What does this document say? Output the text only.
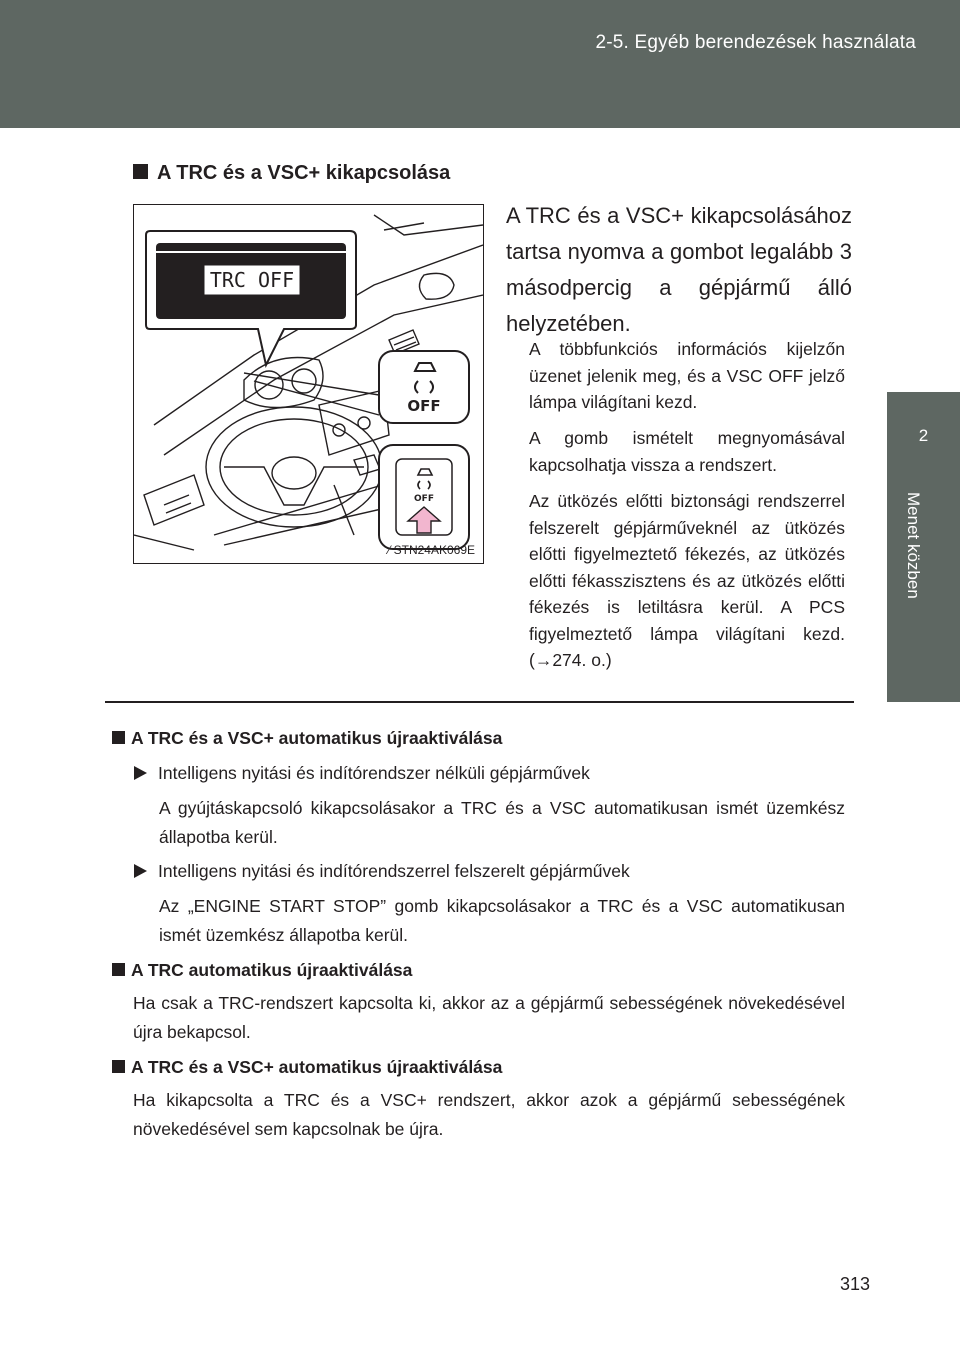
2-5. Egyéb berendezések használata
2
Menet közben
A TRC és a VSC+ kikapcsolása
TRC OFF
OFF
OFF
⁄ STN24AK069E
A TRC és a VSC+ kikapcsolásához tartsa nyomva a gombot legalább 3 másodpercig a gépjármű álló helyzetében.
A többfunkciós információs kijelzőn üzenet jelenik meg, és a VSC OFF jelző lámpa világítani kezd.
A gomb ismételt megnyomásával kapcsolhatja vissza a rendszert.
Az ütközés előtti biztonsági rendszerrel felszerelt gépjárműveknél az ütközés előtti figyelmeztető fékezés, az ütközés előtti fékasszisztens és az ütközés előtti fékezés is letiltásra kerül. A PCS figyelmeztető lámpa világítani kezd. (→274. o.)
A TRC és a VSC+ automatikus újraaktiválása
Intelligens nyitási és indítórendszer nélküli gépjárművek
A gyújtáskapcsoló kikapcsolásakor a TRC és a VSC automatikusan ismét üzemkész állapotba kerül.
Intelligens nyitási és indítórendszerrel felszerelt gépjárművek
Az „ENGINE START STOP” gomb kikapcsolásakor a TRC és a VSC automatikusan ismét üzemkész állapotba kerül.
A TRC automatikus újraaktiválása
Ha csak a TRC-rendszert kapcsolta ki, akkor az a gépjármű sebességének növekedésével újra bekapcsol.
A TRC és a VSC+ automatikus újraaktiválása
Ha kikapcsolta a TRC és a VSC+ rendszert, akkor azok a gépjármű sebességének növekedésével sem kapcsolnak be újra.
313
